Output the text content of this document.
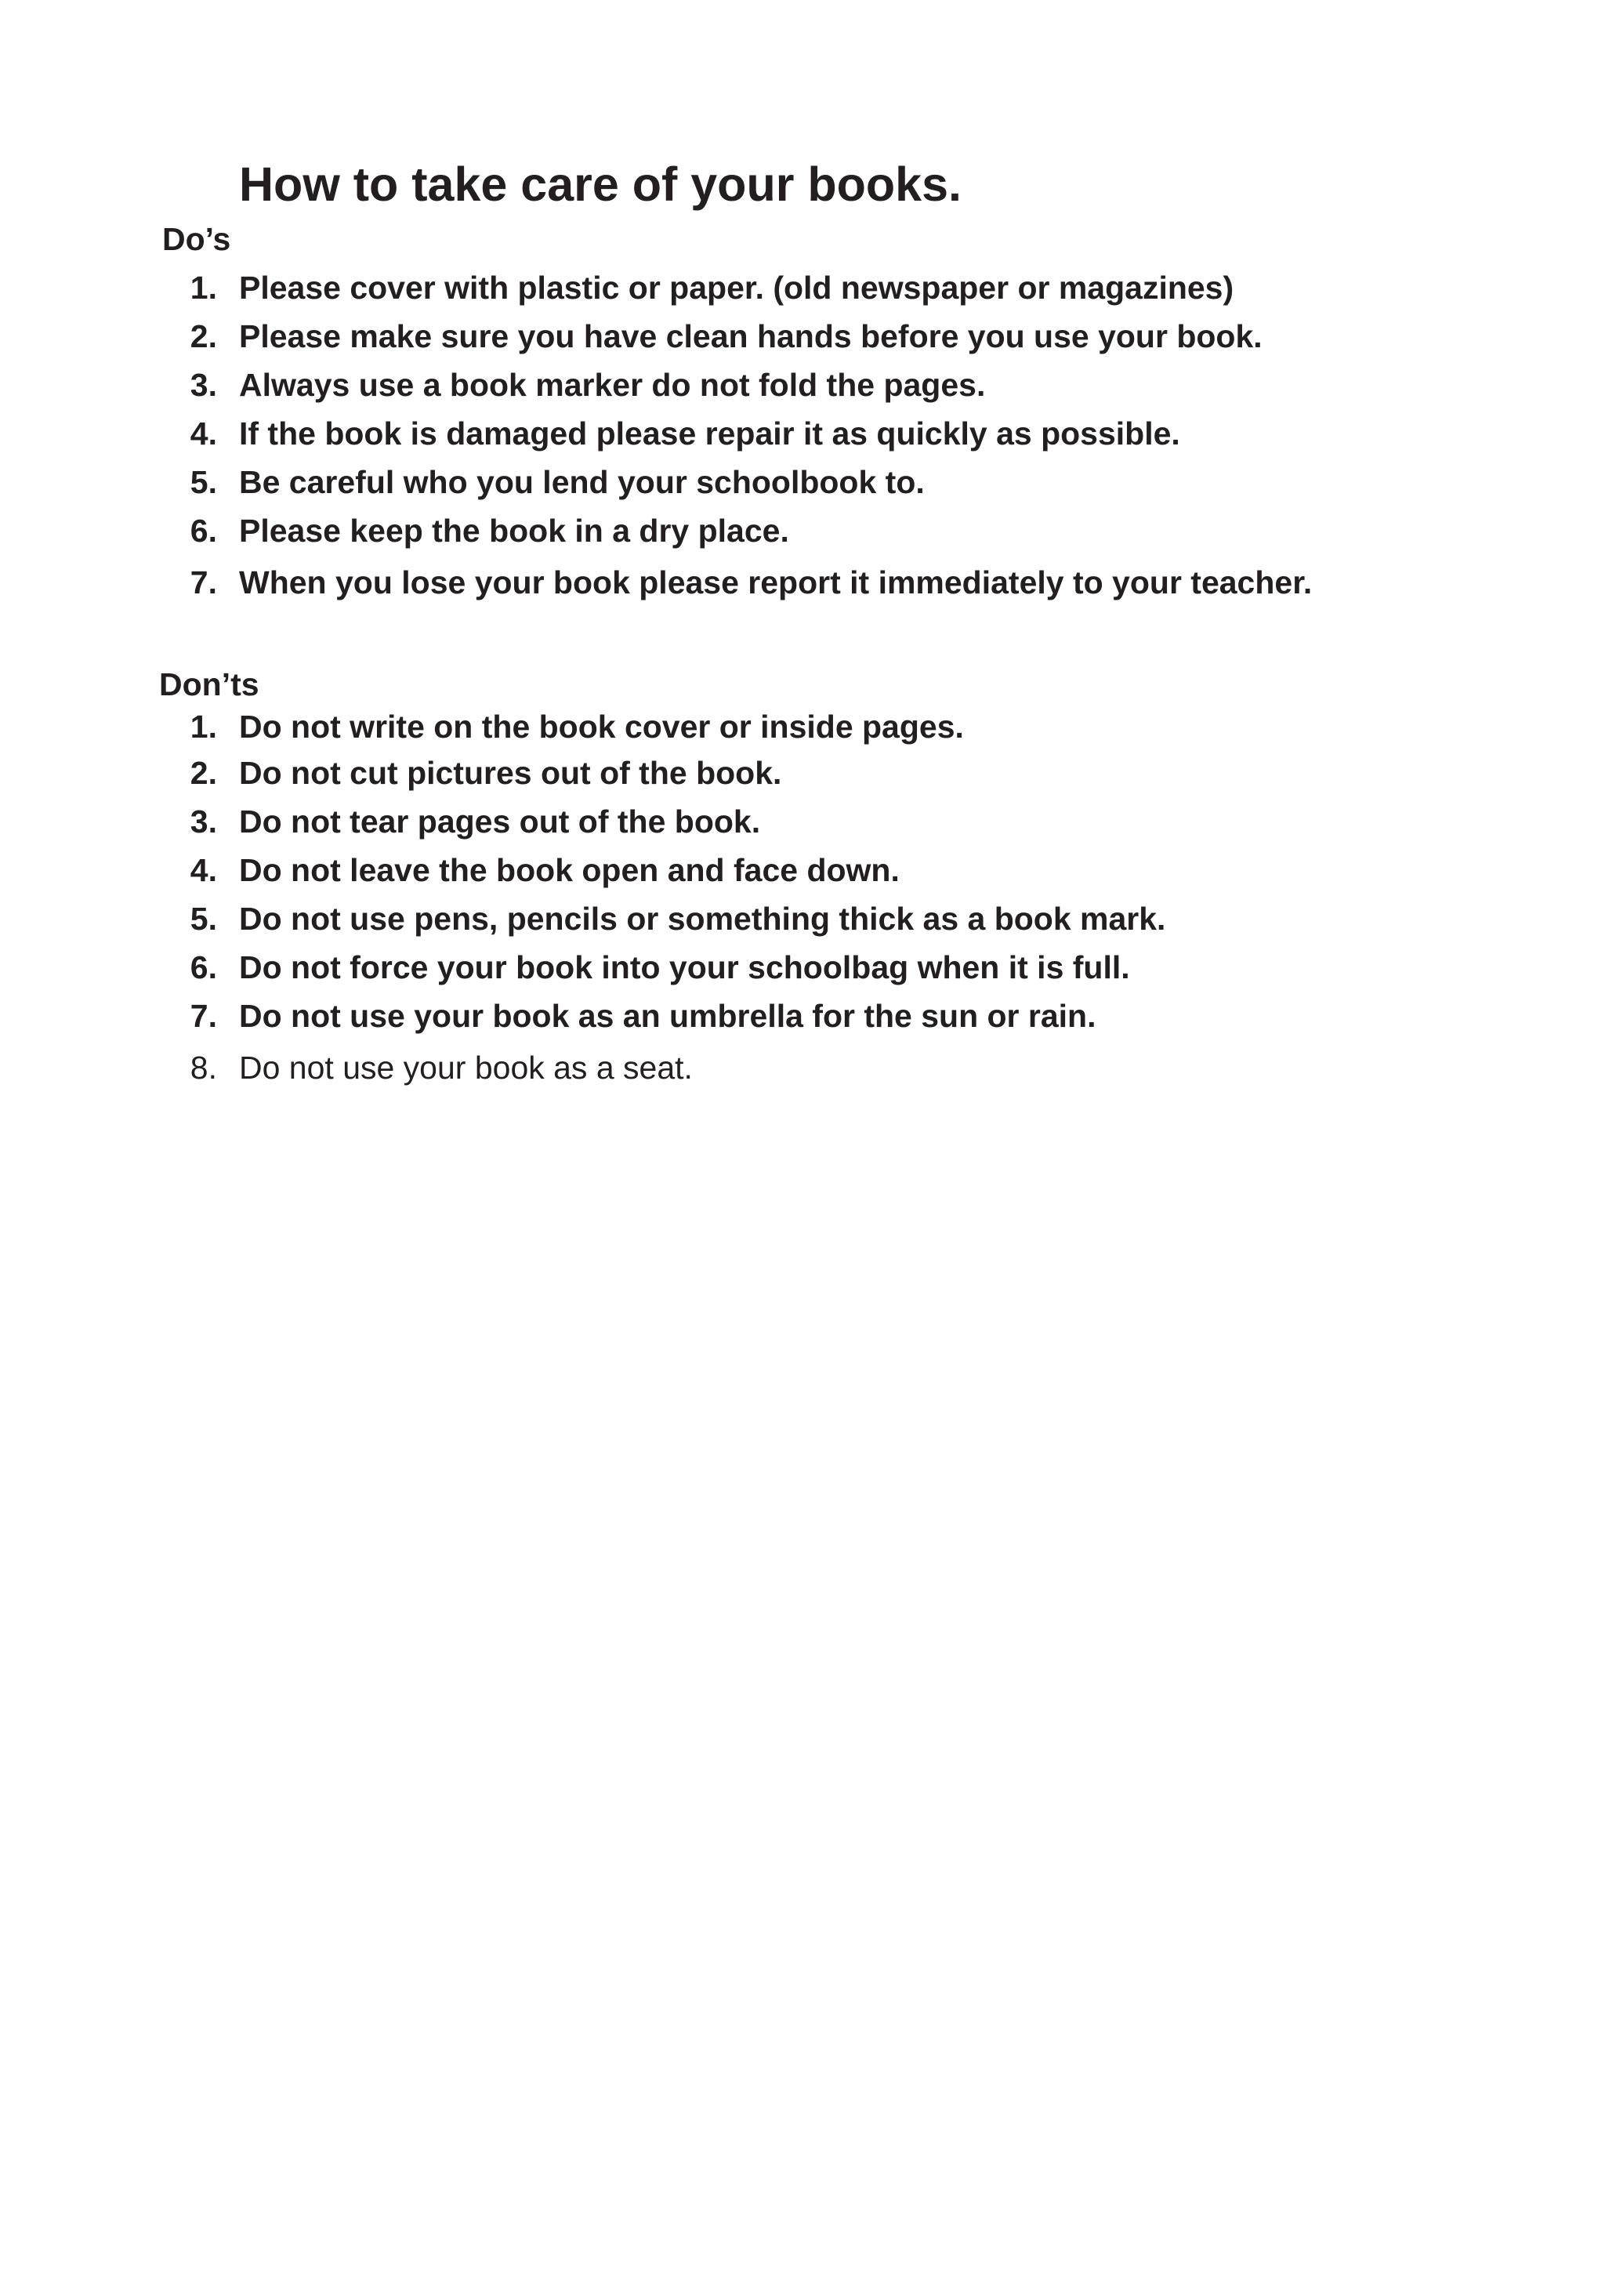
How to take care of your books.
Do’s
1. Please cover with plastic or paper. (old newspaper or magazines)
2. Please make sure you have clean hands before you use your book.
3. Always use a book marker do not fold the pages.
4. If the book is damaged please repair it as quickly as possible.
5. Be careful who you lend your schoolbook to.
6. Please keep the book in a dry place.
7. When you lose your book please report it immediately to your teacher.
Don’ts
1. Do not write on the book cover or inside pages.
2. Do not cut pictures out of the book.
3. Do not tear pages out of the book.
4. Do not leave the book open and face down.
5. Do not use pens, pencils or something thick as a book mark.
6. Do not force your book into your schoolbag when it is full.
7. Do not use your book as an umbrella for the sun or rain.
8. Do not use your book as a seat.
